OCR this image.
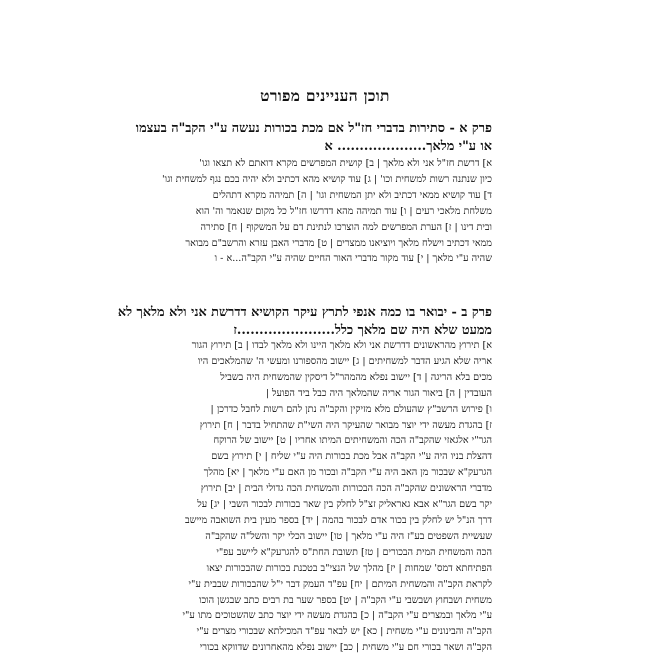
תוכן העניינים מפורט
פרק א - סתירות בדברי חז"ל אם מכת בכורות נעשה ע"י הקב"ה בעצמו
או ע"י מלאך.................... א
א] דרשת חז"ל אני ולא מלאך | ב] קושית המפרשים מקרא דואתם לא תצאו וגו'
כיון שנתנה רשות למשחית וכו' | ג] עוד קושיא מהא דכתיב ולא יהיה בכם נגף למשחית וגו'
ד] עוד קושיא ממאי דכתיב ולא יתן המשחית וגו' | ה] תמיהה מקרא דתהלים
משלחת מלאכי רעים | ו] עוד תמיהה מהא דדרשו חז"ל כל מקום שנאמר וה' הוא
ובית דינו | ז] הערת המפרשים למה הוצרכו לנתינת דם על המשקוף | ח] סתירה
ממאי דכתיב וישלח מלאך ויוציאנו ממצרים | ט] מדברי האבן עזרא והרשב"ם מבואר
שהיה ע"י מלאך | י] עוד מקור מדברי האור החיים שהיה ע"י הקב"ה...א - ו
פרק ב - יבואר בו כמה אנפי לתרץ עיקר הקושיא דדרשת אני ולא מלאך לא
ממעט שלא היה שם מלאך כלל......................ז
א] תירוץ מהראשונים דדרשת אני ולא מלאך היינו ולא מלאך לבדו | ב] תירוץ הגור
אריה שלא הגיע הדבר למשחיתים | ג] יישוב מהספורנו ומעשי ה' שהמלאכים היו
מכים בלא הריגה | ד] יישוב נפלא מהמהר"ל דיסקין שהמשחית היה בשביל
העובדין | ה] ביאור הגור אריה שהמלאך היה כבל ביד הפועל |
ו] פירוש הרשב"ץ שהעולם מלא מזיקין והקב"ה נתן להם רשות לחבל כדרכן |
ז] בהגדת מעשה ידי יוצר מבואר שהעיקר היה השי"ת שהתחיל בדבר | ח] תירוץ
הגר"י אלגאזי שהקב"ה הכה והמשחיתים המיתו אחריו | ט] יישוב של הרוקח
דהצלת בניו היה ע"י הקב"ה אבל מכת בכורות היה ע"י שליח | י] תירוץ בשם
הגרעק"א שבכור מן האב היה ע"י הקב"ה ובכור מן האם ע"י מלאך | יא] מהלך
מדברי הראשונים שהקב"ה הכה הבכורות והמשחית הכה גדולי הבית | יב] תירוץ
יקר בשם הגר"א אבא גאראליק זצ"ל לחלק בין שאר בכורות לבכור השבי | יג] על
דרך הנ"ל יש לחלק בין בכור אדם לבכור בהמה | יד] בספר מעין בית השואבה מיישב
שעשיית השפטים בע"ז היה ע"י מלאך | טו] יישוב הכלי יקר והשל"ה שהקב"ה
הכה והמשחית המית הבכורים | טז] תשובת החת"ס להגרעק"א ליישב עפ"י
הפתיחתא דמס' שמחות | יז] מהלך של הנצי"ב בטכנת בכורות שהבכורות יצאו
לקראת הקב"ה והמשחית המיתם | יח] עפ"ד העמק דבר י"ל שהבכורות שבבית ע"י
משחית ושבחוץ ושבשבי ע"י הקב"ה | יט] בספר שער בת רבים כתב שבגשן הוכו
ע"י מלאך ובמצרים ע"י הקב"ה | כ] בהגדת מעשה ידי יוצר כתב שהשטוכים מתו ע"י
הקב"ה והבינונים ע"י משחית | כא] יש לבאר עפ"ד המכילתא שבכורי מצרים ע"י
הקב"ה ושאר בכורי חם ע"י משחית | כב] יישוב נפלא מהאחרונים שדווקא בכורי
